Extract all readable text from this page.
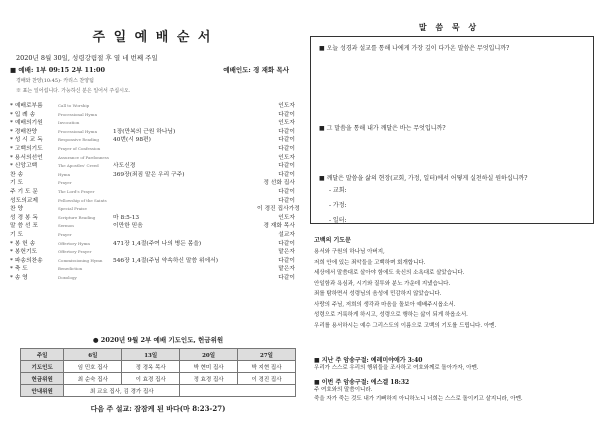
주 일 예 배 순 서
2020년 8월 30일, 성령강림절 후 열 네 번째 주일
■ 예배: 1부 09:15 2부 11:00	예배인도: 경 재화 목사
경배와 찬양(10:45)- 카리스 찬양팀
※ 표는 일어섭니다. 가능하신 분은 일어서 주십시오.
* 예배로부름	Call to Worship	인도자
* 입 례 송	Processional Hymn	다같이
* 예배의기원	Invocation	인도자
* 경배찬양	Processional Hymn	1장(만복의 근원 하나님)	다같이
* 성 시 교 독	Responsive Reading	40번(시 98편)	다같이
* 고백의기도	Prayer of Confession	다같이
* 용서의선언	Assurance of Pardonness	인도자
* 신앙고백	The Apostles' Creed	사도신경	다같이
찬 송	Hymn	369장(죄짐 맡은 우리 구주)	다같이
기 도	Prayer	정 선화 집사
주 기 도 문	The Lord's Prayer	다같이
성도의교제	Fellowship of the Saints	다같이
찬 양	Special Praise	이 경진 집사가정
성 경 봉 독	Scripture Reading	마 8:5-13	인도자
말 씀 선 포	Sermon	이만한 믿음	경 재화 목사
기 도	Prayer	설교자
* 봉 헌 송	Offertory Hymn	471장 1,4절(주여 나의 병든 몸을)	다같이
* 봉헌기도	Offertory Prayer	맡은자
* 파송의찬송	Commissioning Hymn	546장 1,4절(주님 약속하신 말씀 위에서)	다같이
* 축 도	Benediction	맡은자
* 송 영	Doxology	다같이
● 2020년 9월 2부 예배 기도인도, 헌금위원
주일	6일	13일	20일	27일
기도인도	임 민호 집사	정 경옥 목사	박 현미 집사	박 지현 집사
헌금위원	최 순숙 집사	이 효경 집사	정 효경 집사	이 경진 집사
안내위원	최 교요 집사, 김 경가 집사			
다음 주 설교: 잠잠케 된 바다(마 8:23-27)
말 씀 묵 상
■ 오늘 성경과 설교를 통해 나에게 가장 깊이 다가온 말씀은 무엇입니까?
■ 그 말씀을 통해 내가 깨달은 바는 무엇입니까?
■ 깨달은 말씀을 삶의 현장(교회, 가정, 일터)에서 어떻게 실천하실 원하십니까?
- 교회:
- 가정:
- 일터:
고백의 기도문
용서와 구원의 하나님 아버지,
저희 안에 있는 죄악들을 고백하며 회개합니다.
세상에서 말씀대로 살아야 함에도 육신의 소욕대로 살았습니다.
안일함과 욕심과, 시기와 질투와 분노 가운데 지냈습니다.
죄를 탐하면서 성령님의 음성에 민감하지 않았습니다.
사랑의 주님, 저희의 생각과 마음을 돌보아 예배주시옵소서.
성령으로 거룩하게 하시고, 성령으로 행하는 삶이 되게 하옵소서.
우리를 용서하시는 예수 그리스도의 이름으로 고백의 기도를 드립니다. 아멘.
■ 지난 주 암송구절: 예레미야애가 3:40
우리가 스스로 우리의 행위들을 조사하고 여호와께로 돌아가자, 아멘.
■ 이번 주 암송구절: 에스겔 18:32
주 여호와의 말씀이니라.
죽을 자가 죽는 것도 내가 기뻐하지 아니하노니 너희는 스스로 돌이키고 살지니라, 아멘.
